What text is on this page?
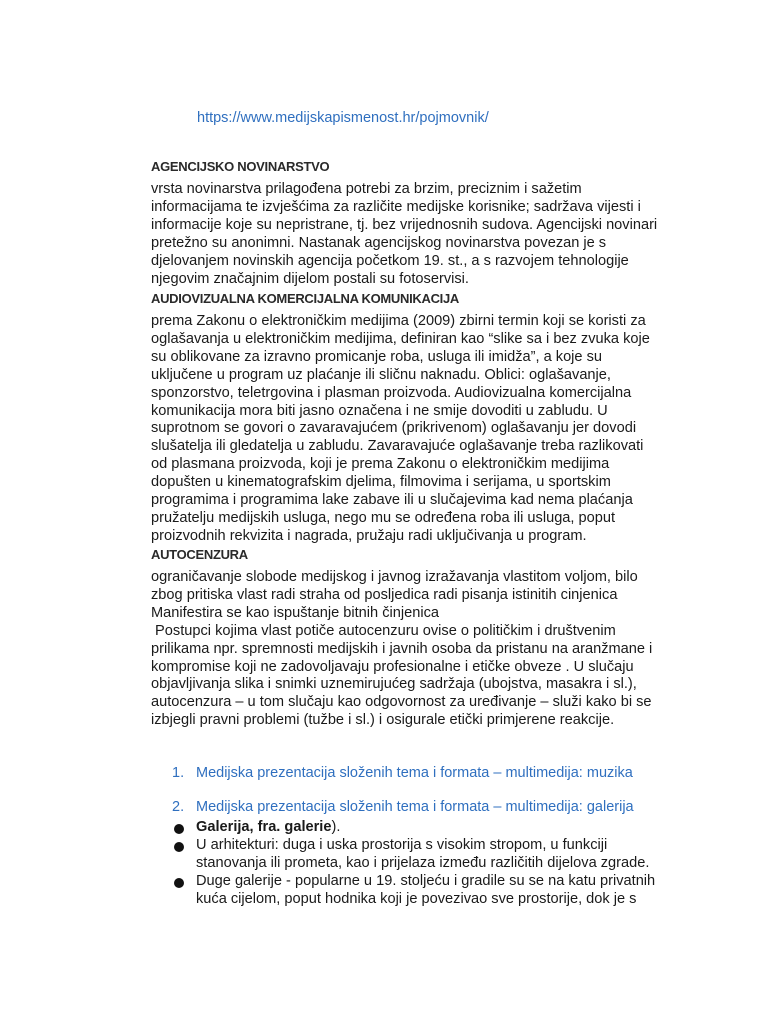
https://www.medijskapismenost.hr/pojmovnik/
AGENCIJSKO NOVINARSTVO
vrsta novinarstva prilagođena potrebi za brzim, preciznim i sažetim
informacijama te izvješćima za različite medijske korisnike; sadržava vijesti i
informacije koje su nepristrane, tj. bez vrijednosnih sudova. Agencijski novinari
pretežno su anonimni. Nastanak agencijskog novinarstva povezan je s
djelovanjem novinskih agencija početkom 19. st., a s razvojem tehnologije
njegovim značajnim dijelom postali su fotoservisi.
AUDIOVIZUALNA KOMERCIJALNA KOMUNIKACIJA
prema Zakonu o elektroničkim medijima (2009) zbirni termin koji se koristi za
oglašavanja u elektroničkim medijima, definiran kao “slike sa i bez zvuka koje
su oblikovane za izravno promicanje roba, usluga ili imidža”, a koje su
uključene u program uz plaćanje ili sličnu naknadu. Oblici: oglašavanje,
sponzorstvo, teletrgovina i plasman proizvoda. Audiovizualna komercijalna
komunikacija mora biti jasno označena i ne smije dovoditi u zabludu. U
suprotnom se govori o zavaravajućem (prikrivenom) oglašavanju jer dovodi
slušatelja ili gledatelja u zabludu. Zavaravajuće oglašavanje treba razlikovati
od plasmana proizvoda, koji je prema Zakonu o elektroničkim medijima
dopušten u kinematografskim djelima, filmovima i serijama, u sportskim
programima i programima lake zabave ili u slučajevima kad nema plaćanja
pružatelju medijskih usluga, nego mu se određena roba ili usluga, poput
proizvodnih rekvizita i nagrada, pružaju radi uključivanja u program.
AUTOCENZURA
ograničavanje slobode medijskog i javnog izražavanja vlastitom voljom, bilo
zbog pritiska vlast radi straha od posljedica radi pisanja istinitih cinjenica
Manifestira se kao ispuštanje bitnih činjenica
Postupci kojima vlast potiče autocenzuru ovise o političkim i društvenim
prilikama npr. spremnosti medijskih i javnih osoba da pristanu na aranžmane i
kompromise koji ne zadovoljavaju profesionalne i etičke obveze . U slučaju
objavljivanja slika i snimki uznemirujućeg sadržaja (ubojstva, masakra i sl.),
autocenzura – u tom slučaju kao odgovornost za uređivanje – služi kako bi se
izbjegli pravni problemi (tužbe i sl.) i osigurale etički primjerene reakcije.
1. Medijska prezentacija složenih tema i formata – multimedija: muzika
2. Medijska prezentacija složenih tema i formata – multimedija: galerija
Galerija, fra. galerie).
U arhitekturi: duga i uska prostorija s visokim stropom, u funkciji
stanovanja ili prometa, kao i prijelaza između različitih dijelova zgrade.
Duge galerije - popularne u 19. stoljeću i gradile su se na katu privatnih
kuća cijelom, poput hodnika koji je povezivao sve prostorije, dok je s
